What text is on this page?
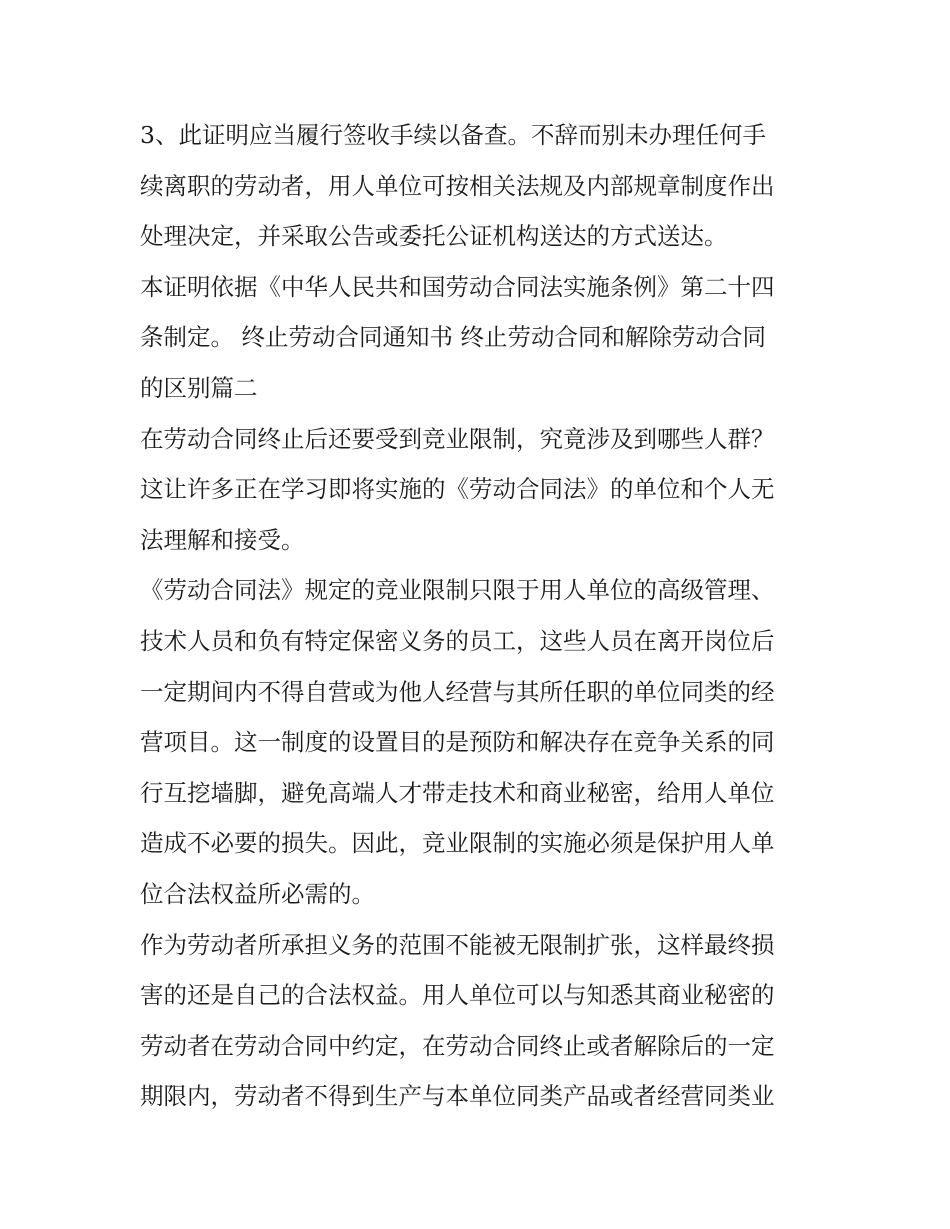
3、此证明应当履行签收手续以备查。不辞而别未办理任何手
续离职的劳动者，用人单位可按相关法规及内部规章制度作出
处理决定，并采取公告或委托公证机构送达的方式送达。

本证明依据《中华人民共和国劳动合同法实施条例》第二十四
条制定。 终止劳动合同通知书 终止劳动合同和解除劳动合同
的区别篇二

在劳动合同终止后还要受到竞业限制，究竟涉及到哪些人群？
这让许多正在学习即将实施的《劳动合同法》的单位和个人无
法理解和接受。

《劳动合同法》规定的竞业限制只限于用人单位的高级管理、
技术人员和负有特定保密义务的员工，这些人员在离开岗位后
一定期间内不得自营或为他人经营与其所任职的单位同类的经
营项目。这一制度的设置目的是预防和解决存在竞争关系的同
行互挖墙脚，避免高端人才带走技术和商业秘密，给用人单位
造成不必要的损失。因此，竞业限制的实施必须是保护用人单
位合法权益所必需的。

作为劳动者所承担义务的范围不能被无限制扩张，这样最终损
害的还是自己的合法权益。用人单位可以与知悉其商业秘密的
劳动者在劳动合同中约定，在劳动合同终止或者解除后的一定
期限内，劳动者不得到生产与本单位同类产品或者经营同类业
